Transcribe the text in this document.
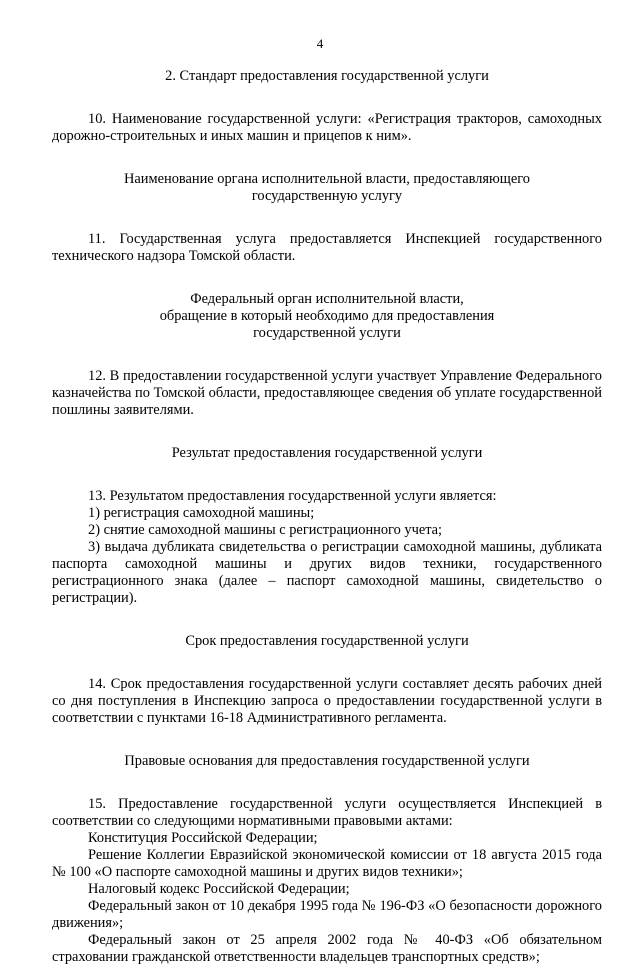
4

2. Стандарт предоставления государственной услуги

10. Наименование государственной услуги: «Регистрация тракторов, самоходных дорожно-строительных и иных машин и прицепов к ним».

Наименование органа исполнительной власти, предоставляющего государственную услугу

11. Государственная услуга предоставляется Инспекцией государственного технического надзора Томской области.

Федеральный орган исполнительной власти,

обращение в который необходимо для предоставления

государственной услуги

12. В предоставлении государственной услуги участвует Управление Федерального казначейства по Томской области, предоставляющее сведения об уплате государственной пошлины заявителями.

Результат предоставления государственной услуги

13. Результатом предоставления государственной услуги является:

1) регистрация самоходной машины;

2) снятие самоходной машины с регистрационного учета;

3) выдача дубликата свидетельства о регистрации самоходной машины, дубликата паспорта самоходной машины и других видов техники, государственного регистрационного знака (далее – паспорт самоходной машины, свидетельство о регистрации).

Срок предоставления государственной услуги

14. Срок предоставления государственной услуги составляет десять рабочих дней со дня поступления в Инспекцию запроса о предоставлении государственной услуги в соответствии с пунктами 16-18 Административного регламента.

Правовые основания для предоставления государственной услуги

15. Предоставление государственной услуги осуществляется Инспекцией в соответствии со следующими нормативными правовыми актами:

Конституция Российской Федерации;

Решение Коллегии Евразийской экономической комиссии от 18 августа 2015 года № 100 «О паспорте самоходной машины и других видов техники»;

Налоговый кодекс Российской Федерации;

Федеральный закон от 10 декабря 1995 года № 196-ФЗ «О безопасности дорожного движения»;

Федеральный закон от 25 апреля 2002 года № 40-ФЗ «Об обязательном страховании гражданской ответственности владельцев транспортных средств»;
